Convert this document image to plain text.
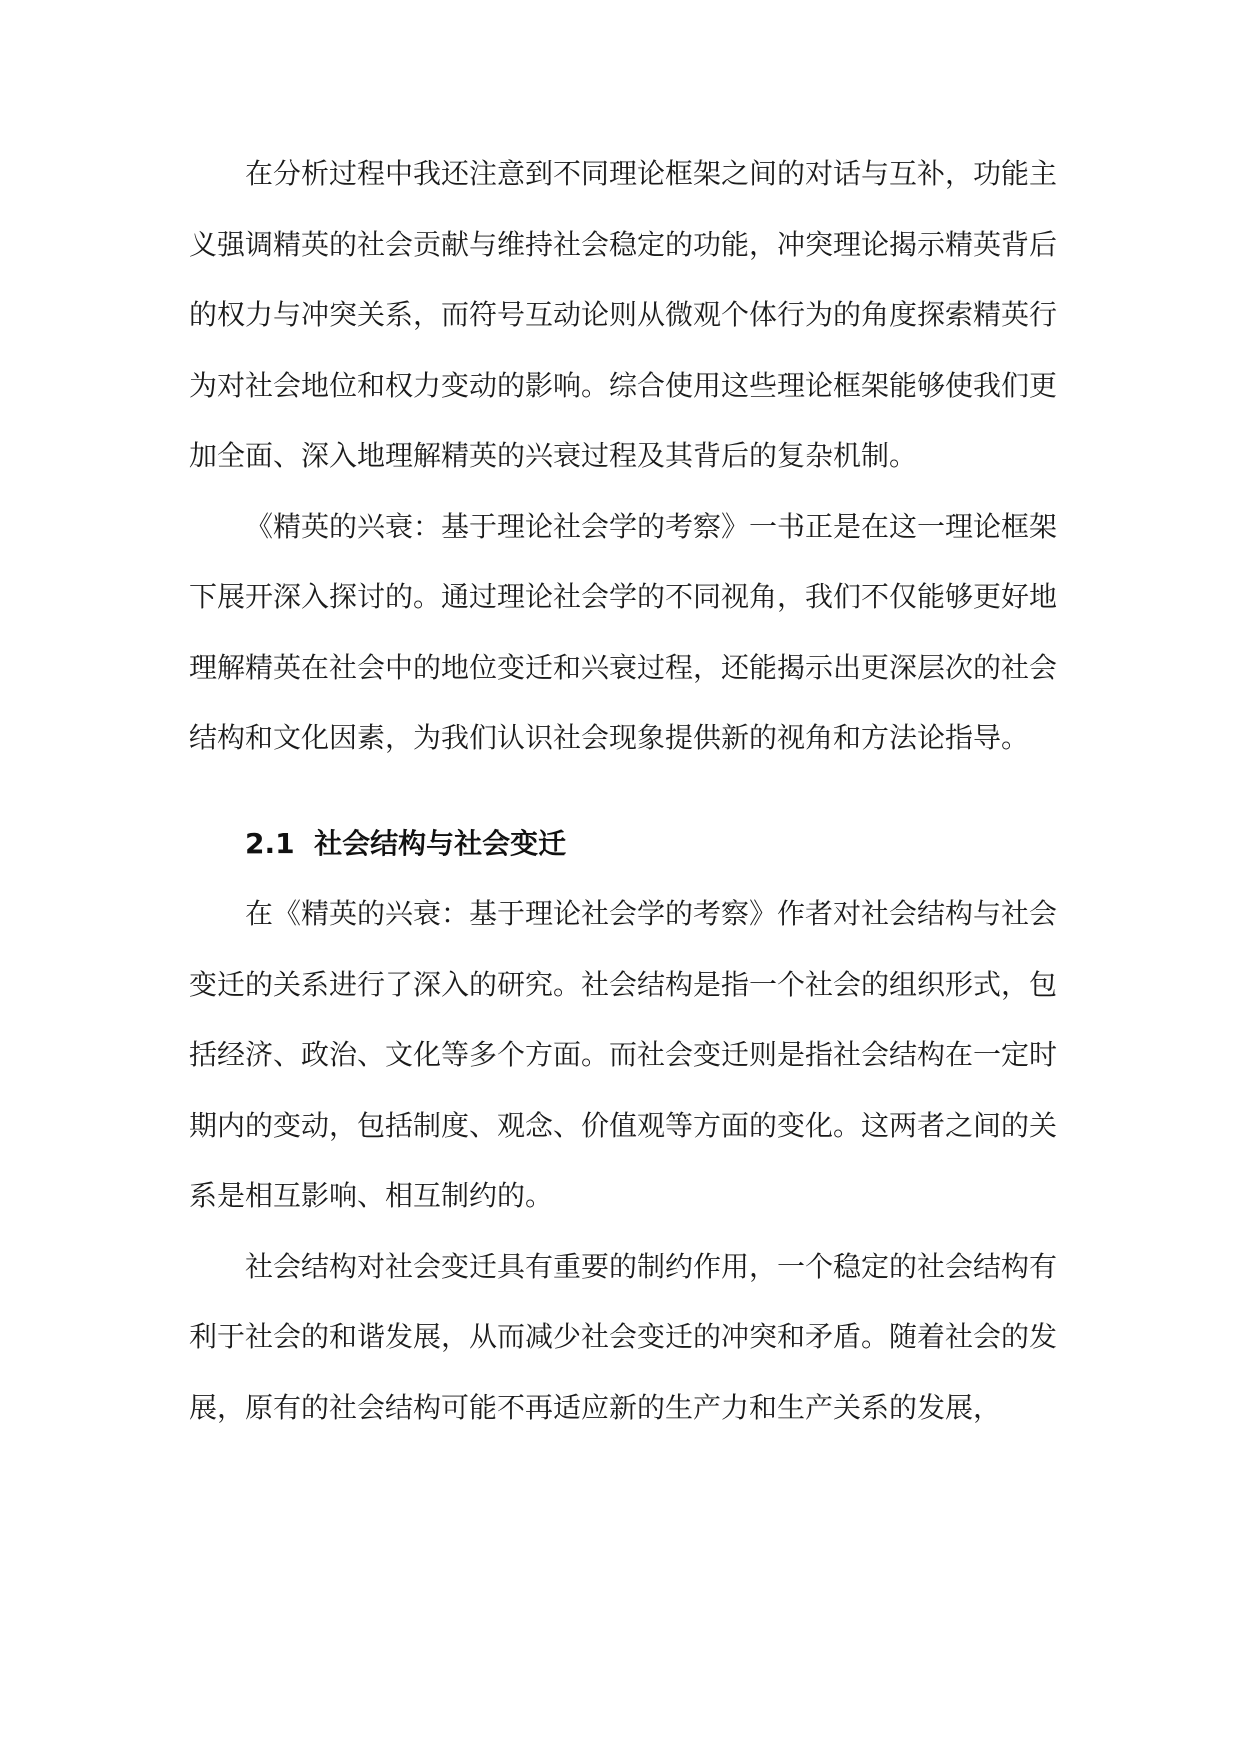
在分析过程中我还注意到不同理论框架之间的对话与互补，功能主义强调精英的社会贡献与维持社会稳定的功能，冲突理论揭示精英背后的权力与冲突关系，而符号互动论则从微观个体行为的角度探索精英行为对社会地位和权力变动的影响。综合使用这些理论框架能够使我们更加全面、深入地理解精英的兴衰过程及其背后的复杂机制。

《精英的兴衰：基于理论社会学的考察》一书正是在这一理论框架下展开深入探讨的。通过理论社会学的不同视角，我们不仅能够更好地理解精英在社会中的地位变迁和兴衰过程，还能揭示出更深层次的社会结构和文化因素，为我们认识社会现象提供新的视角和方法论指导。

2.1 社会结构与社会变迁

在《精英的兴衰：基于理论社会学的考察》作者对社会结构与社会变迁的关系进行了深入的研究。社会结构是指一个社会的组织形式，包括经济、政治、文化等多个方面。而社会变迁则是指社会结构在一定时期内的变动，包括制度、观念、价值观等方面的变化。这两者之间的关系是相互影响、相互制约的。

社会结构对社会变迁具有重要的制约作用，一个稳定的社会结构有利于社会的和谐发展，从而减少社会变迁的冲突和矛盾。随着社会的发展，原有的社会结构可能不再适应新的生产力和生产关系的发展，
